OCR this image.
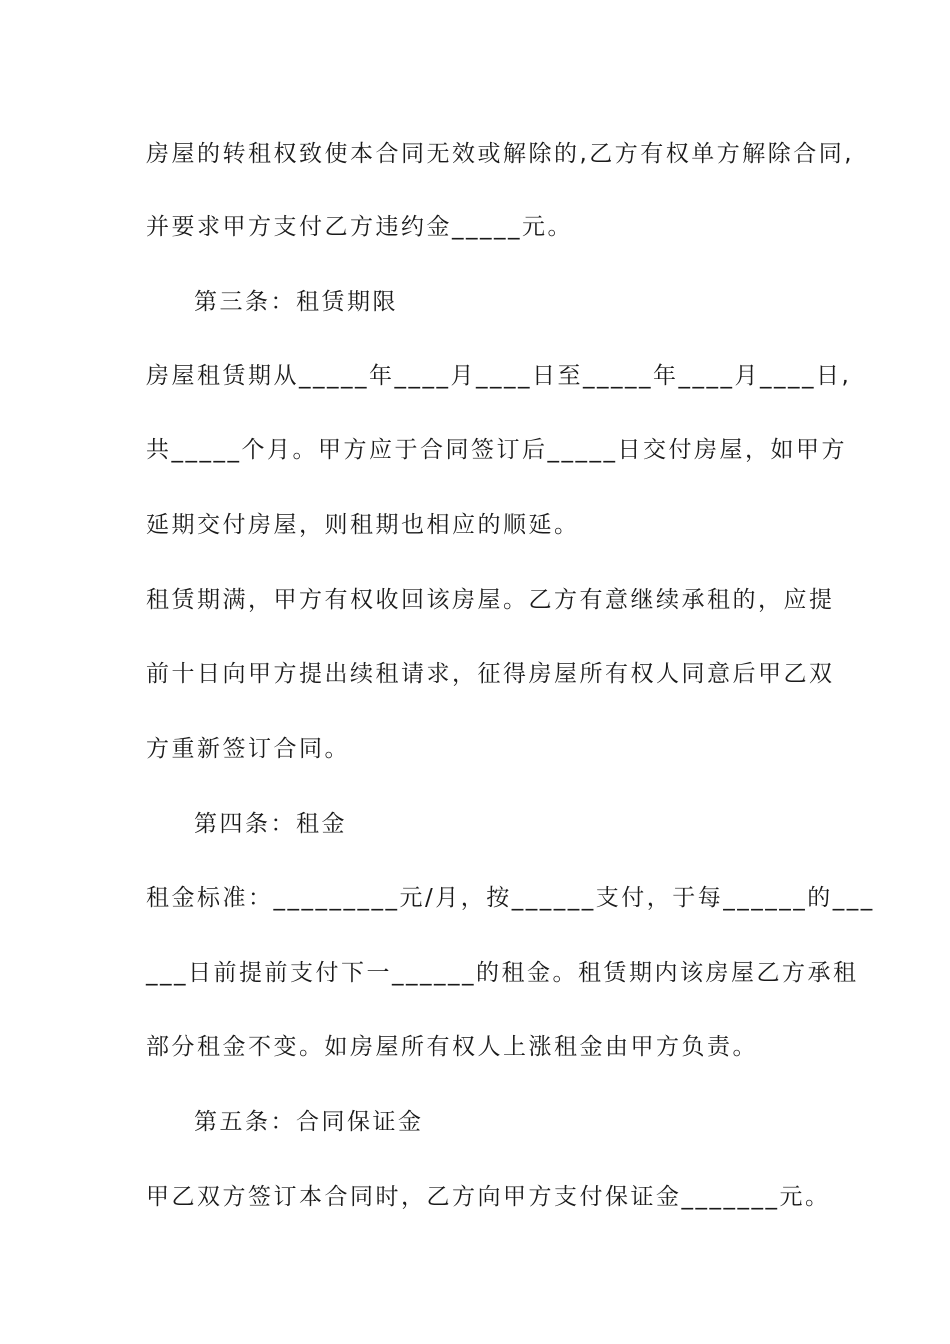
房屋的转租权致使本合同无效或解除的,乙方有权单方解除合同,
并要求甲方支付乙方违约金_____元。
第三条：租赁期限
房屋租赁期从_____年____月____日至_____年____月____日,
共_____个月。甲方应于合同签订后_____日交付房屋，如甲方
延期交付房屋，则租期也相应的顺延。
租赁期满，甲方有权收回该房屋。乙方有意继续承租的，应提
前十日向甲方提出续租请求，征得房屋所有权人同意后甲乙双
方重新签订合同。
第四条：租金
租金标准：_________元/月，按______支付，于每______的___
___日前提前支付下一______的租金。租赁期内该房屋乙方承租
部分租金不变。如房屋所有权人上涨租金由甲方负责。
第五条：合同保证金
甲乙双方签订本合同时，乙方向甲方支付保证金_______元。
